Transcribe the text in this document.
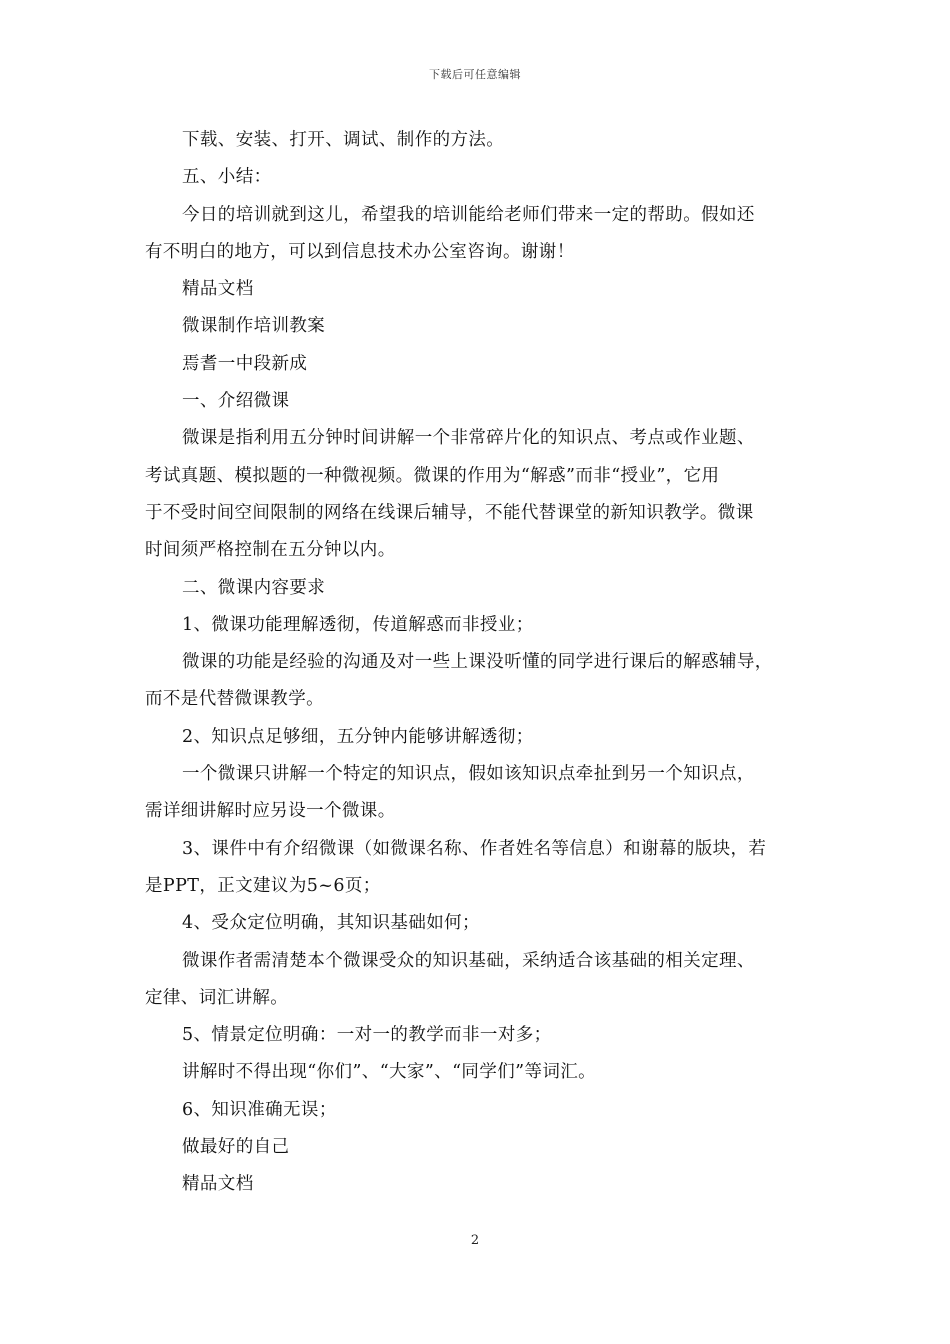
下载后可任意编辑

下载、安装、打开、调试、制作的方法。

五、小结：

今日的培训就到这儿，希望我的培训能给老师们带来一定的帮助。假如还

有不明白的地方，可以到信息技术办公室咨询。谢谢！

精品文档

微课制作培训教案

焉耆一中段新成

一、介绍微课

微课是指利用五分钟时间讲解一个非常碎片化的知识点、考点或作业题、

考试真题、模拟题的一种微视频。微课的作用为“解惑”而非“授业”，它用

于不受时间空间限制的网络在线课后辅导，不能代替课堂的新知识教学。微课

时间须严格控制在五分钟以内。

二、微课内容要求

1、微课功能理解透彻，传道解惑而非授业；

微课的功能是经验的沟通及对一些上课没听懂的同学进行课后的解惑辅导，

而不是代替微课教学。

2、知识点足够细，五分钟内能够讲解透彻；

一个微课只讲解一个特定的知识点，假如该知识点牵扯到另一个知识点，

需详细讲解时应另设一个微课。

3、课件中有介绍微课（如微课名称、作者姓名等信息）和谢幕的版块，若

是PPT，正文建议为5~6页；

4、受众定位明确，其知识基础如何；

微课作者需清楚本个微课受众的知识基础，采纳适合该基础的相关定理、

定律、词汇讲解。

5、情景定位明确：一对一的教学而非一对多；

讲解时不得出现“你们”、“大家”、“同学们”等词汇。

6、知识准确无误；

做最好的自己

精品文档

2
